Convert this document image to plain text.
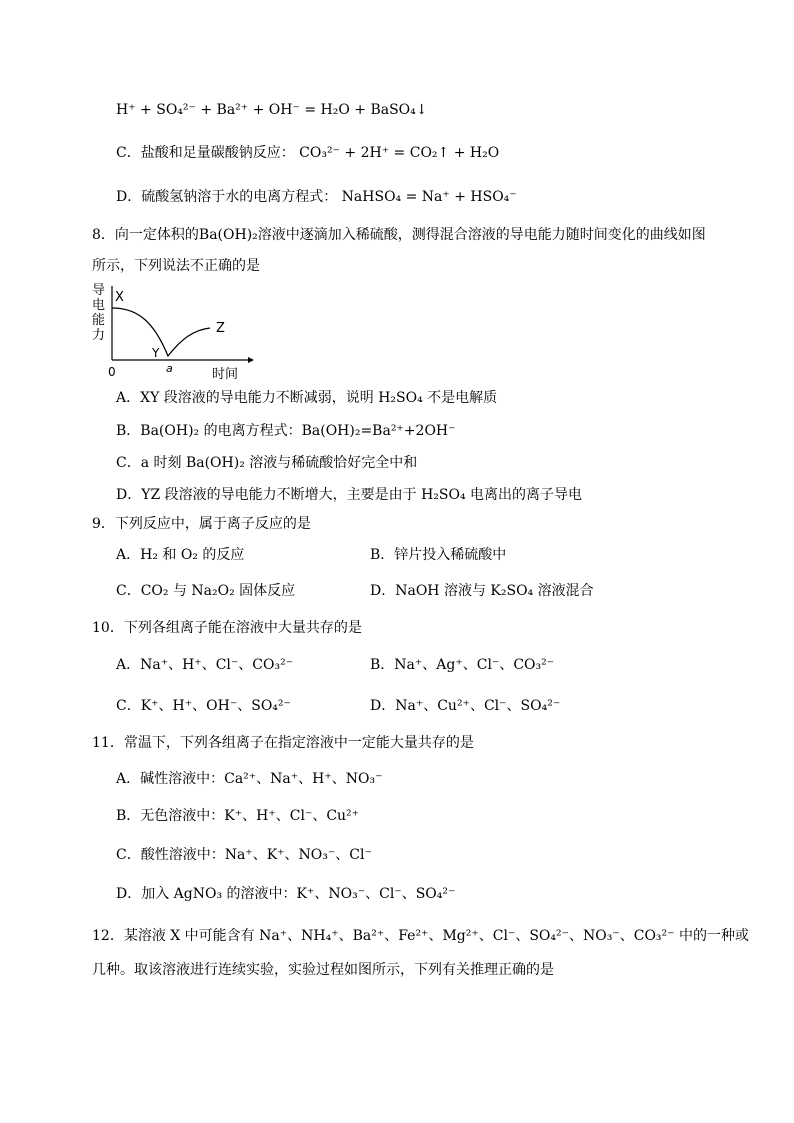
H⁺ + SO₄²⁻ + Ba²⁺ + OH⁻ = H₂O + BaSO₄↓
C．盐酸和足量碳酸钠反应： CO₃²⁻ + 2H⁺ = CO₂↑ + H₂O
D．硫酸氢钠溶于水的电离方程式： NaHSO₄ = Na⁺ + HSO₄⁻
8．向一定体积的Ba(OH)₂溶液中逐滴加入稀硫酸，测得混合溶液的导电能力随时间变化的曲线如图
所示，下列说法不正确的是
导
电
能
力
X
Y
Z
a
0	时间
A．XY 段溶液的导电能力不断减弱，说明 H₂SO₄ 不是电解质
B．Ba(OH)₂ 的电离方程式：Ba(OH)₂=Ba²⁺+2OH⁻
C．a 时刻 Ba(OH)₂ 溶液与稀硫酸恰好完全中和
D．YZ 段溶液的导电能力不断增大，主要是由于 H₂SO₄ 电离出的离子导电
9．下列反应中，属于离子反应的是
A．H₂ 和 O₂ 的反应	B．锌片投入稀硫酸中
C．CO₂ 与 Na₂O₂ 固体反应	D．NaOH 溶液与 K₂SO₄ 溶液混合
10．下列各组离子能在溶液中大量共存的是
A．Na⁺、H⁺、Cl⁻、CO₃²⁻	B．Na⁺、Ag⁺、Cl⁻、CO₃²⁻
C．K⁺、H⁺、OH⁻、SO₄²⁻	D．Na⁺、Cu²⁺、Cl⁻、SO₄²⁻
11．常温下，下列各组离子在指定溶液中一定能大量共存的是
A．碱性溶液中：Ca²⁺、Na⁺、H⁺、NO₃⁻
B．无色溶液中：K⁺、H⁺、Cl⁻、Cu²⁺
C．酸性溶液中：Na⁺、K⁺、NO₃⁻、Cl⁻
D．加入 AgNO₃ 的溶液中：K⁺、NO₃⁻、Cl⁻、SO₄²⁻
12．某溶液 X 中可能含有 Na⁺、NH₄⁺、Ba²⁺、Fe²⁺、Mg²⁺、Cl⁻、SO₄²⁻、NO₃⁻、CO₃²⁻ 中的一种或
几种。取该溶液进行连续实验，实验过程如图所示，下列有关推理正确的是
